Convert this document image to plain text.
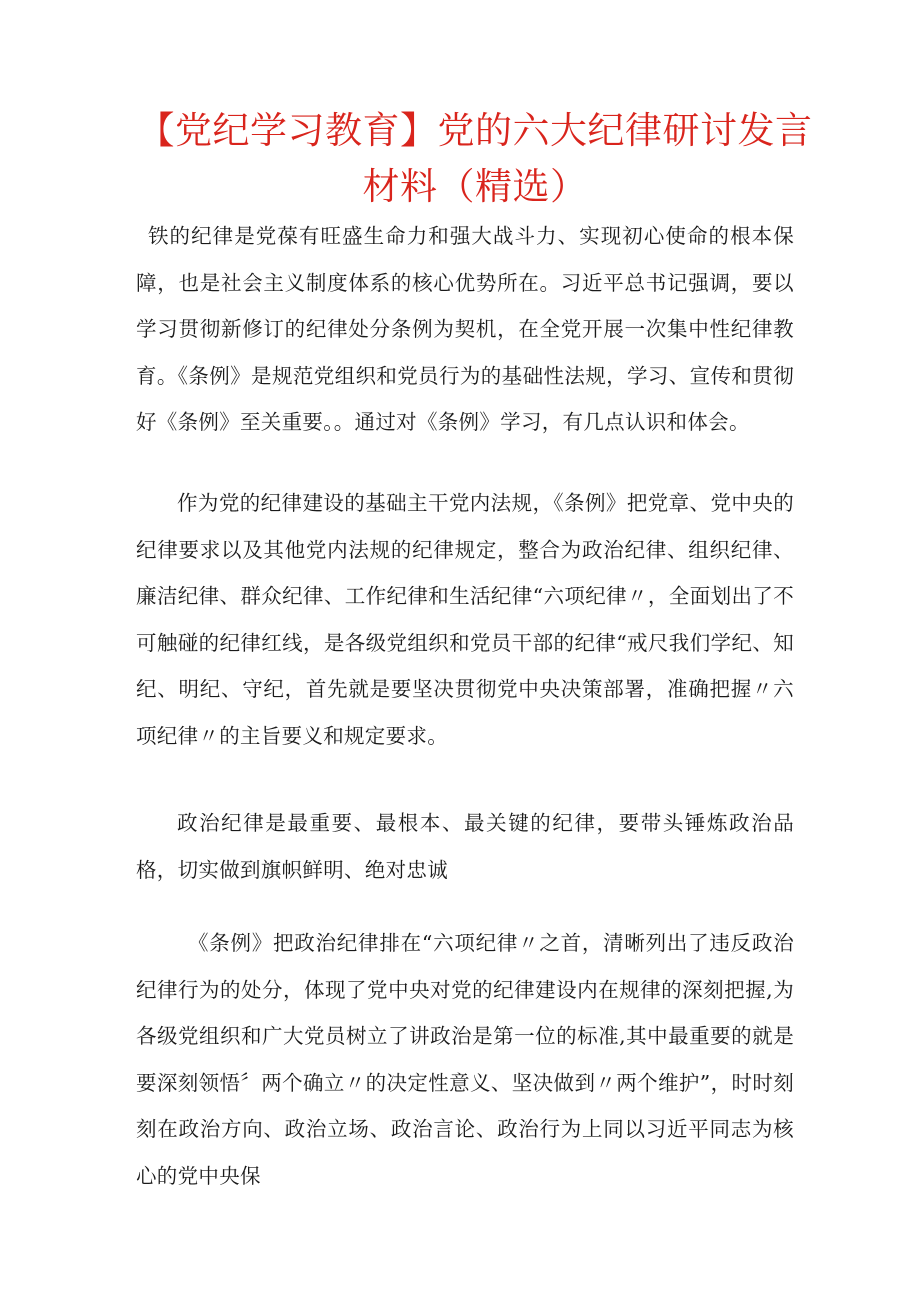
【党纪学习教育】党的六大纪律研讨发言材料（精选）

铁的纪律是党葆有旺盛生命力和强大战斗力、实现初心使命的根本保障，也是社会主义制度体系的核心优势所在。习近平总书记强调，要以学习贯彻新修订的纪律处分条例为契机，在全党开展一次集中性纪律教育。《条例》是规范党组织和党员行为的基础性法规，学习、宣传和贯彻好《条例》至关重要。。通过对《条例》学习，有几点认识和体会。

作为党的纪律建设的基础主干党内法规，《条例》把党章、党中央的纪律要求以及其他党内法规的纪律规定，整合为政治纪律、组织纪律、廉洁纪律、群众纪律、工作纪律和生活纪律“六项纪律〃，全面划出了不可触碰的纪律红线，是各级党组织和党员干部的纪律“戒尺我们学纪、知纪、明纪、守纪，首先就是要坚决贯彻党中央决策部署，准确把握〃六项纪律〃的主旨要义和规定要求。

政治纪律是最重要、最根本、最关键的纪律，要带头锤炼政治品格，切实做到旗帜鲜明、绝对忠诚

《条例》把政治纪律排在“六项纪律〃之首，清晰列出了违反政治纪律行为的处分，体现了党中央对党的纪律建设内在规律的深刻把握,为各级党组织和广大党员树立了讲政治是第一位的标准,其中最重要的就是要深刻领悟〞两个确立〃的决定性意义、坚决做到〃两个维护”，时时刻刻在政治方向、政治立场、政治言论、政治行为上同以习近平同志为核心的党中央保
